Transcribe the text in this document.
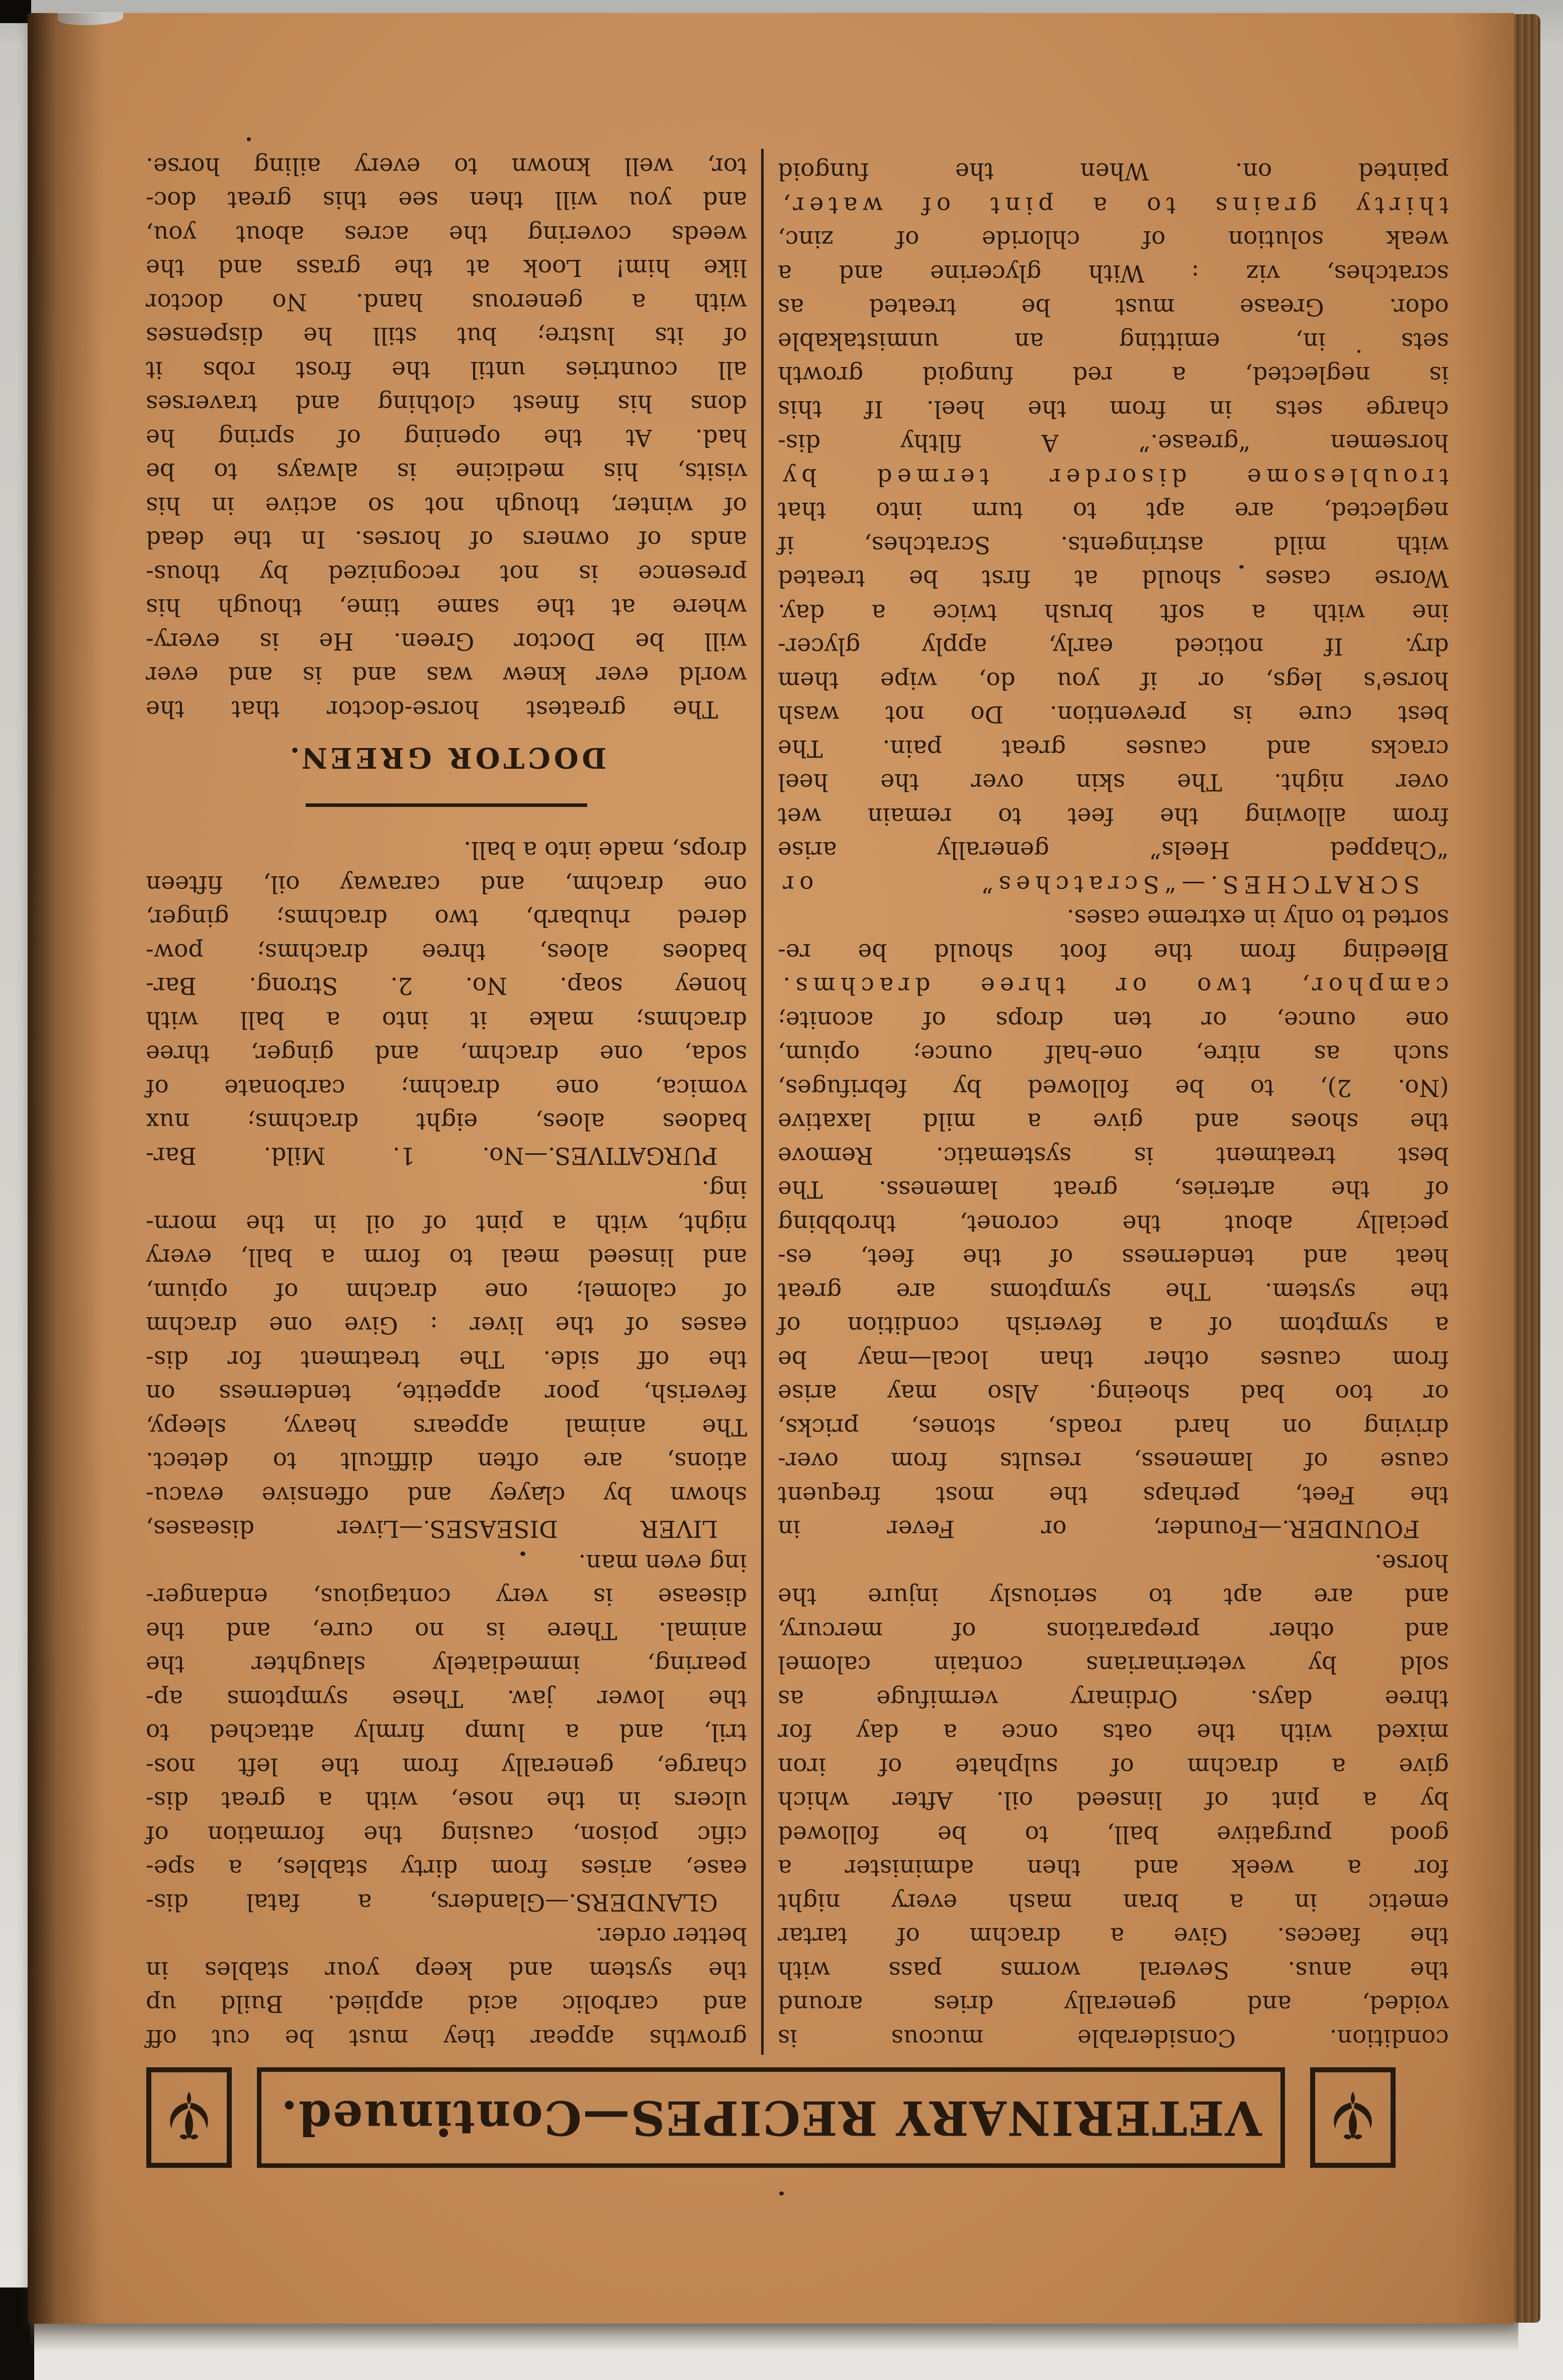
VETERINARY RECIPES—Continued.
condition. Considerable mucous is
voided, and generally dries around
the anus. Several worms pass with
the faeces. Give a drachm of tartar
emetic in a bran mash every night
for a week and then administer a
good purgative ball, to be followed
by a pint of linseed oil. After which
give a drachm of sulphate of iron
mixed with the oats once a day for
three days. Ordinary vermifuge as
sold by veterinarians contain calomel
and other preparations of mercury,
and are apt to seriously injure the
horse.
FOUNDER.—Founder, or Fever in
the Feet, perhaps the most frequent
cause of lameness, results from over-
driving on hard roads, stones, pricks,
or too bad shoeing. Also may arise
from causes other than local—may be
a symptom of a feverish condition of
the system. The symptoms are great
heat and tenderness of the feet, es-
pecially about the coronet, throbbing
of the arteries, great lameness. The
best treatment is systematic. Remove
the shoes and give a mild laxative
(No. 2), to be followed by febrifuges,
such as nitre, one-half ounce; opium,
one ounce, or ten drops of aconite;
camphor, two or three drachms.
Bleeding from the foot should be re-
sorted to only in extreme cases.
SCRATCHES.—“Scratches” or
“Chapped Heels” generally arise
from allowing the feet to remain wet
over night. The skin over the heel
cracks and causes great pain. The
best cure is prevention. Do not wash
horse's legs, or if you do, wipe them
dry. If noticed early, apply glycer-
ine with a soft brush twice a day.
Worse cases should at first be treated
with mild astringents. Scratches, if
neglected, are apt to turn into that
troublesome disorder termed by
horsemen “grease.” A filthy dis-
charge sets in from the heel. If this
is neglected, a red fungoid growth
sets in, emitting an unmistakable
odor. Grease must be treated as
scratches, viz : With glycerine and a
weak solution of chloride of zinc,
thirty grains to a pint of water,
painted on. When the fungoid
growths appear they must be cut off
and carbolic acid applied. Build up
the system and keep your stables in
better order.
GLANDERS.—Glanders, a fatal dis-
ease, arises from dirty stables, a spe-
cific poison, causing the formation of
ulcers in the nose, with a great dis-
charge, generally from the left nos-
tril, and a lump firmly attached to
the lower jaw. These symptoms ap-
pearing, immediately slaughter the
animal. There is no cure, and the
disease is very contagious, endanger-
ing even man.
LIVER DISEASES.—Liver diseases,
shown by clayey and offensive evacu-
ations, are often difficult to detect.
The animal appears heavy, sleepy,
feverish, poor appetite, tenderness on
the off side. The treatment for dis-
eases of the liver : Give one drachm
of calomel; one drachm of opium,
and linseed meal to form a ball, every
night, with a pint of oil in the morn-
ing.
PURGATIVES.—No. 1. Mild. Bar-
badoes aloes, eight drachms; nux
vomica, one drachm; carbonate of
soda, one drachm, and ginger, three
drachms; make it into a ball with
honey soap. No. 2. Strong. Bar-
badoes aloes, three drachms; pow-
dered rhubarb, two drachms; ginger,
one drachm, and caraway oil, fifteen
drops, made into a ball.
DOCTOR GREEN.
The greatest horse-doctor that the
world ever knew was and is and ever
will be Doctor Green. He is every-
where at the same time, though his
presence is not recognized by thous-
ands of owners of horses. In the dead
of winter, though not so active in his
visits, his medicine is always to be
had. At the opening of spring he
dons his finest clothing and traverses
all countries until the frost robs it
of its lustre; but still he dispenses
with a generous hand. No doctor
like him! Look at the grass and the
weeds covering the acres about you,
and you will then see this great doc-
tor, well known to every ailing horse.
